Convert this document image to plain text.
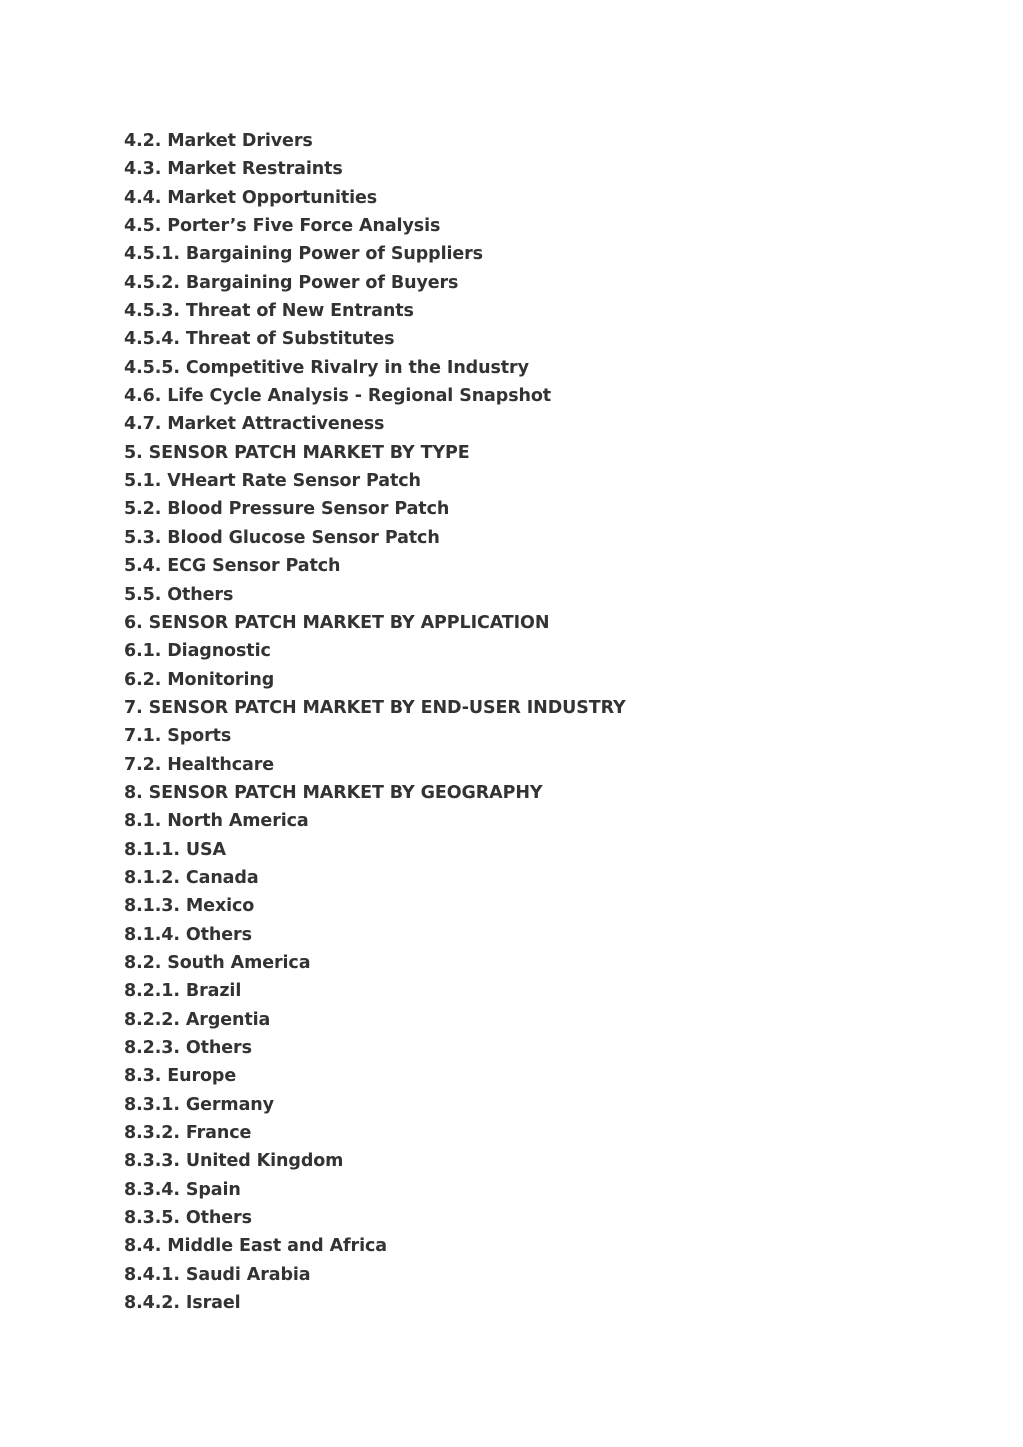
4.2. Market Drivers
4.3. Market Restraints
4.4. Market Opportunities
4.5. Porter’s Five Force Analysis
4.5.1. Bargaining Power of Suppliers
4.5.2. Bargaining Power of Buyers
4.5.3. Threat of New Entrants
4.5.4. Threat of Substitutes
4.5.5. Competitive Rivalry in the Industry
4.6. Life Cycle Analysis - Regional Snapshot
4.7. Market Attractiveness
5. SENSOR PATCH MARKET BY TYPE
5.1. VHeart Rate Sensor Patch
5.2. Blood Pressure Sensor Patch
5.3. Blood Glucose Sensor Patch
5.4. ECG Sensor Patch
5.5. Others
6. SENSOR PATCH MARKET BY APPLICATION
6.1. Diagnostic
6.2. Monitoring
7. SENSOR PATCH MARKET BY END-USER INDUSTRY
7.1. Sports
7.2. Healthcare
8. SENSOR PATCH MARKET BY GEOGRAPHY
8.1. North America
8.1.1. USA
8.1.2. Canada
8.1.3. Mexico
8.1.4. Others
8.2. South America
8.2.1. Brazil
8.2.2. Argentia
8.2.3. Others
8.3. Europe
8.3.1. Germany
8.3.2. France
8.3.3. United Kingdom
8.3.4. Spain
8.3.5. Others
8.4. Middle East and Africa
8.4.1. Saudi Arabia
8.4.2. Israel
